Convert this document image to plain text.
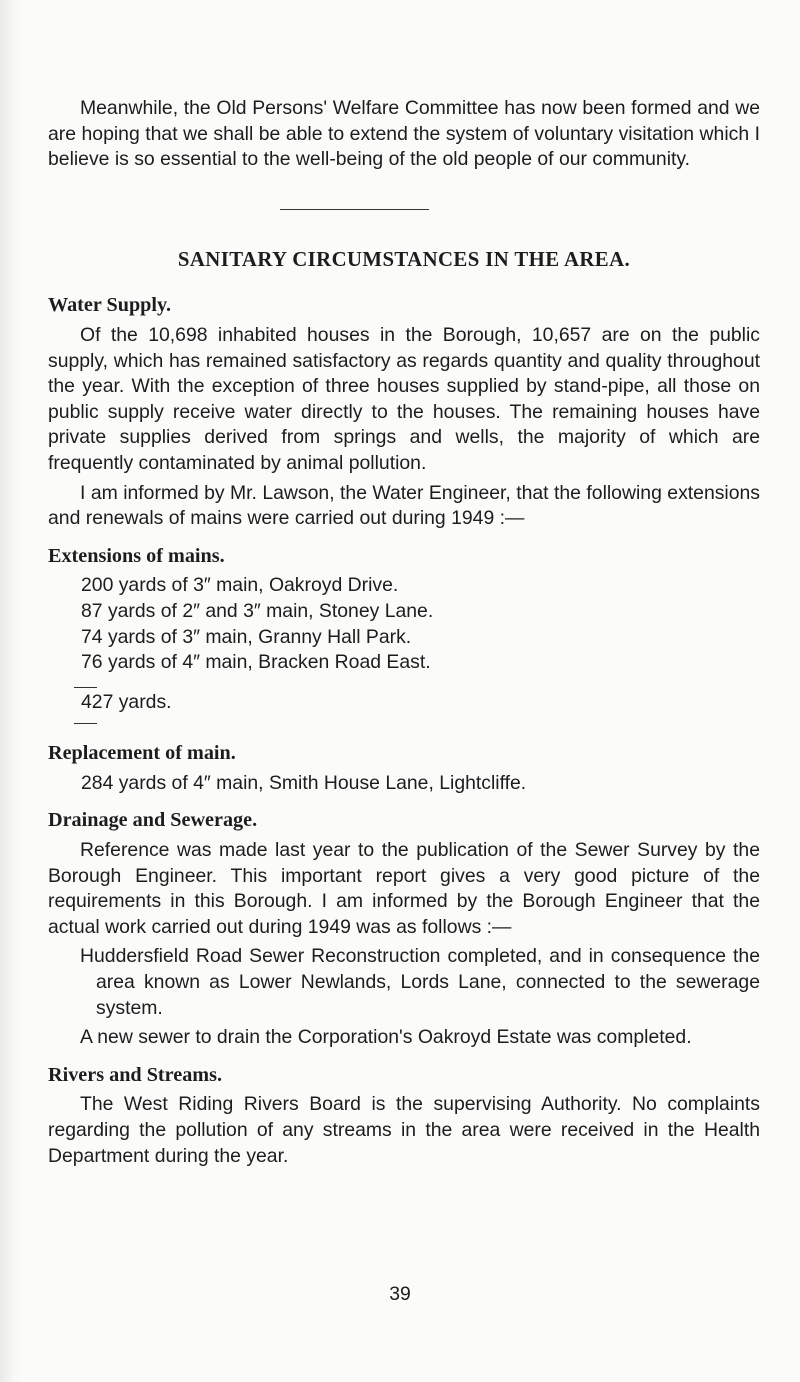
Meanwhile, the Old Persons' Welfare Committee has now been formed and we are hoping that we shall be able to extend the system of voluntary visitation which I believe is so essential to the well-being of the old people of our community.

SANITARY CIRCUMSTANCES IN THE AREA.

Water Supply.

Of the 10,698 inhabited houses in the Borough, 10,657 are on the public supply, which has remained satisfactory as regards quantity and quality throughout the year. With the exception of three houses supplied by stand-pipe, all those on public supply receive water directly to the houses. The remaining houses have private supplies derived from springs and wells, the majority of which are frequently contaminated by animal pollution.

I am informed by Mr. Lawson, the Water Engineer, that the following extensions and renewals of mains were carried out during 1949 :—

Extensions of mains.

200 yards of 3″ main, Oakroyd Drive.
87 yards of 2″ and 3″ main, Stoney Lane.
74 yards of 3″ main, Granny Hall Park.
76 yards of 4″ main, Bracken Road East.
427 yards.

Replacement of main.

284 yards of 4″ main, Smith House Lane, Lightcliffe.

Drainage and Sewerage.

Reference was made last year to the publication of the Sewer Survey by the Borough Engineer. This important report gives a very good picture of the requirements in this Borough. I am informed by the Borough Engineer that the actual work carried out during 1949 was as follows :—

Huddersfield Road Sewer Reconstruction completed, and in consequence the area known as Lower Newlands, Lords Lane, connected to the sewerage system.

A new sewer to drain the Corporation's Oakroyd Estate was completed.

Rivers and Streams.

The West Riding Rivers Board is the supervising Authority. No complaints regarding the pollution of any streams in the area were received in the Health Department during the year.

39
